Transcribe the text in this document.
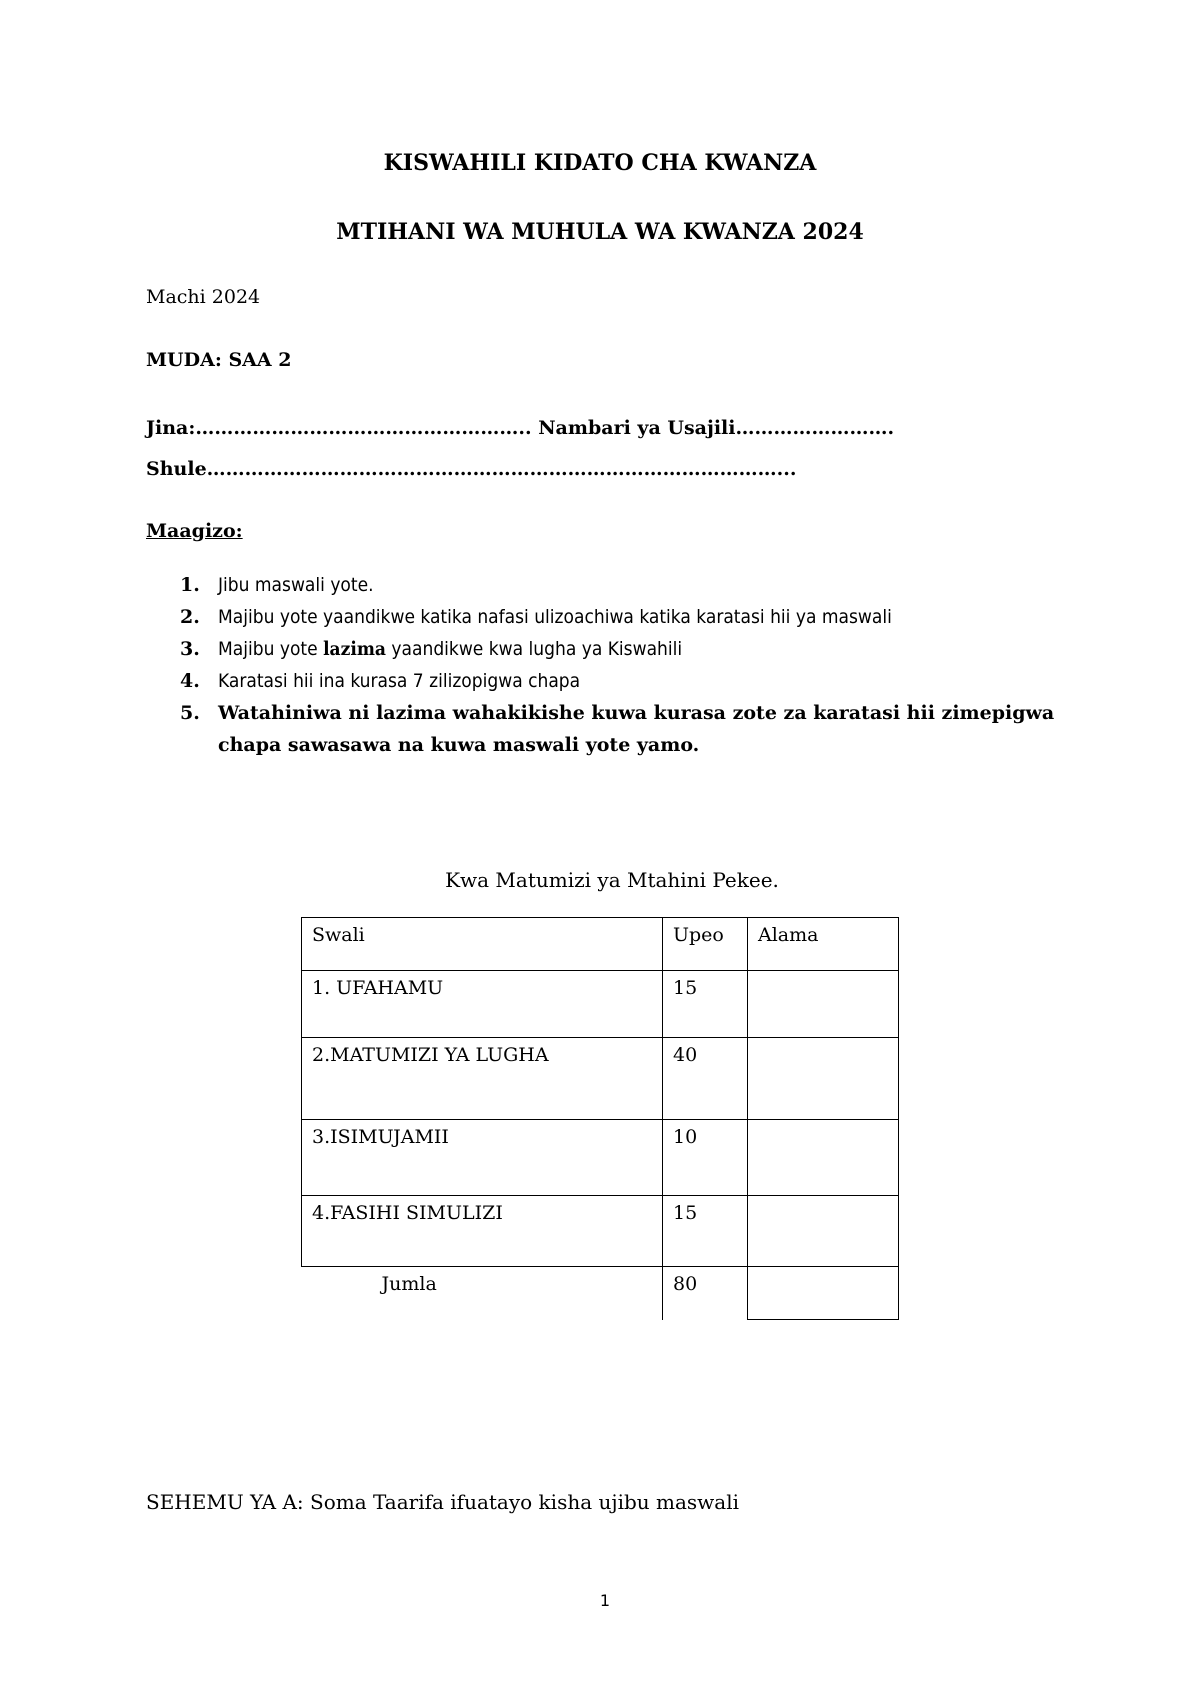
KISWAHILI KIDATO CHA KWANZA
MTIHANI WA MUHULA WA KWANZA 2024
Machi 2024
MUDA: SAA 2
Jina:…………………………………………….. Nambari ya Usajili…………………….
Shule………………………………………………………………………………...
Maagizo:
1. Jibu maswali yote.
2. Majibu yote yaandikwe katika nafasi ulizoachiwa katika karatasi hii ya maswali
3. Majibu yote lazima yaandikwe kwa lugha ya Kiswahili
4. Karatasi hii ina kurasa 7 zilizopigwa chapa
5. Watahiniwa ni lazima wahakikishe kuwa kurasa zote za karatasi hii zimepigwa chapa sawasawa na kuwa maswali yote yamo.
Kwa Matumizi ya Mtahini Pekee.
Swali	Upeo	Alama
1. UFAHAMU	15	
2.MATUMIZI YA LUGHA	40	
3.ISIMUJAMII	10	
4.FASIHI SIMULIZI	15	
Jumla	80	
SEHEMU YA A: Soma Taarifa ifuatayo kisha ujibu maswali
1
